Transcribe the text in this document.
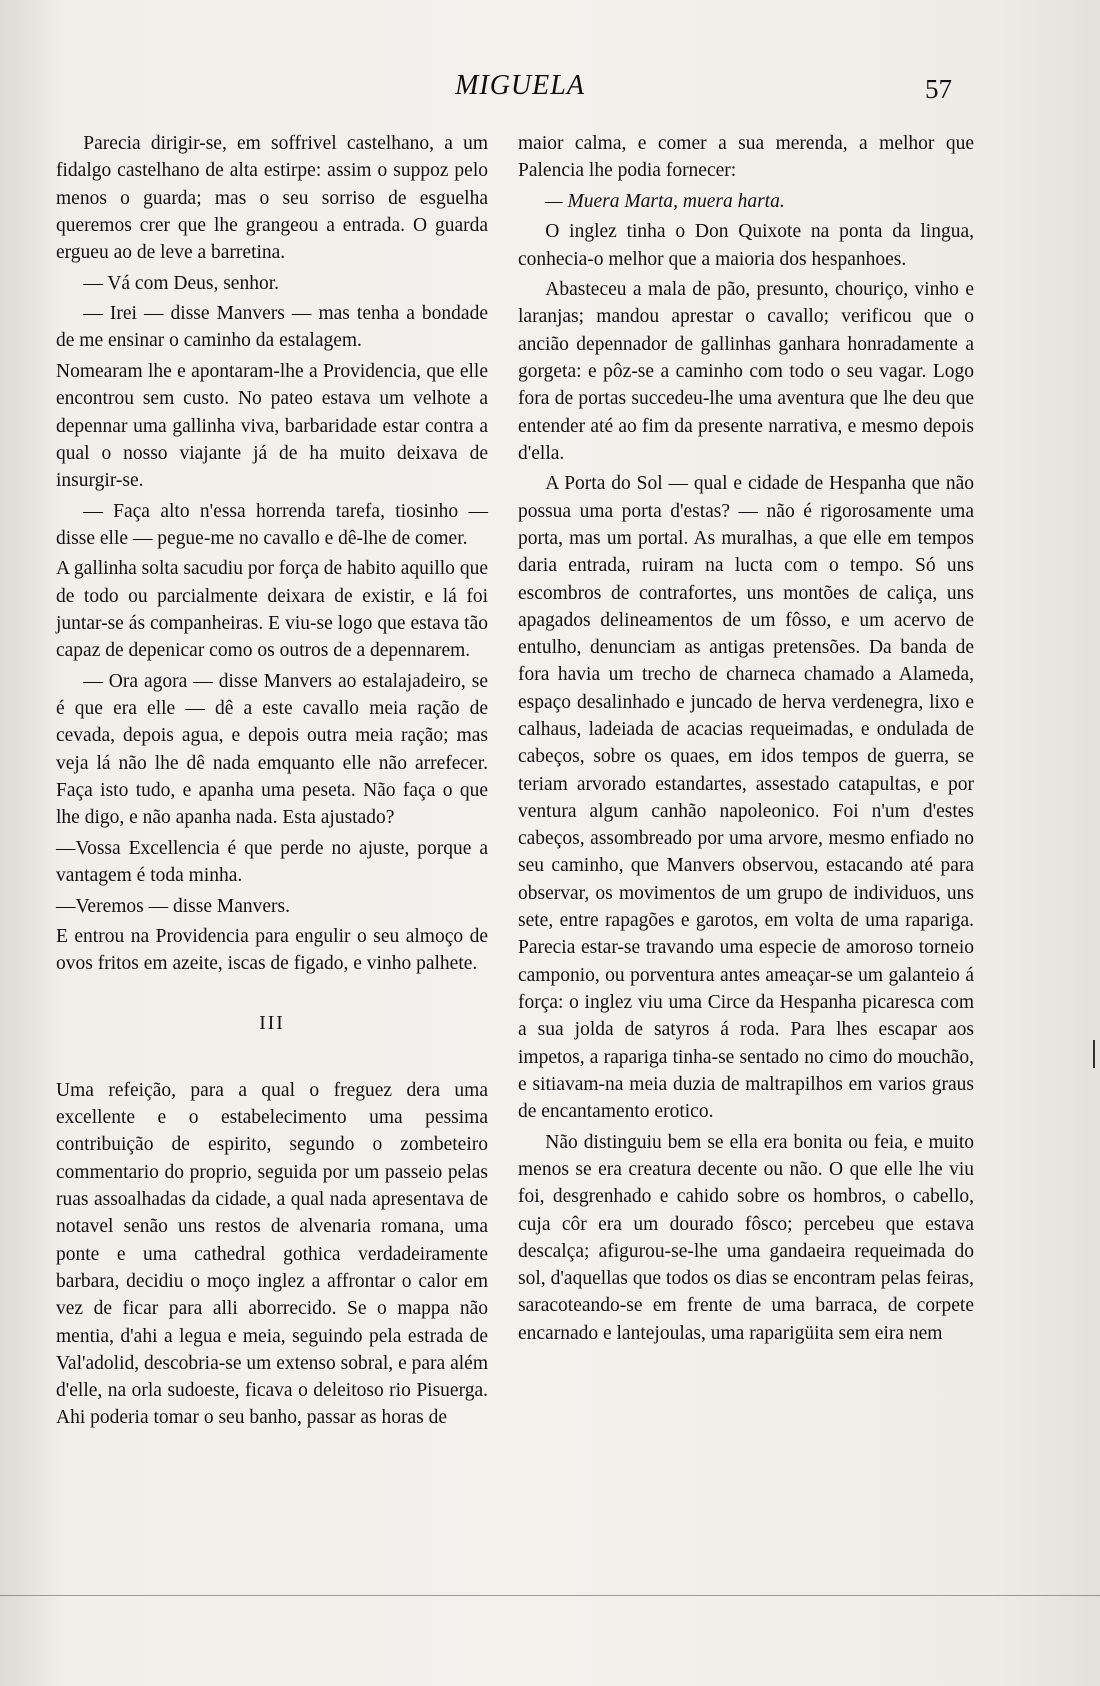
MIGUELA	57

Parecia dirigir-se, em soffrivel castelhano, a um fidalgo castelhano de alta estirpe: assim o suppoz pelo menos o guarda; mas o seu sorriso de esguelha queremos crer que lhe grangeou a entrada. O guarda ergueu ao de leve a barretina.

— Vá com Deus, senhor.

— Irei — disse Manvers — mas tenha a bondade de me ensinar o caminho da estalagem.

Nomearam lhe e apontaram-lhe a Providencia, que elle encontrou sem custo. No pateo estava um velhote a depennar uma gallinha viva, barbaridade estar contra a qual o nosso viajante já de ha muito deixava de insurgir-se.

— Faça alto n'essa horrenda tarefa, tiosinho — disse elle — pegue-me no cavallo e dê-lhe de comer.

A gallinha solta sacudiu por força de habito aquillo que de todo ou parcialmente deixara de existir, e lá foi juntar-se ás companheiras. E viu-se logo que estava tão capaz de depenicar como os outros de a depennarem.

— Ora agora — disse Manvers ao estalajadeiro, se é que era elle — dê a este cavallo meia ração de cevada, depois agua, e depois outra meia ração; mas veja lá não lhe dê nada emquanto elle não arrefecer. Faça isto tudo, e apanha uma peseta. Não faça o que lhe digo, e não apanha nada. Esta ajustado?

—Vossa Excellencia é que perde no ajuste, porque a vantagem é toda minha.

—Veremos — disse Manvers.

E entrou na Providencia para engulir o seu almoço de ovos fritos em azeite, iscas de figado, e vinho palhete.

III

Uma refeição, para a qual o freguez dera uma excellente e o estabelecimento uma pessima contribuição de espirito, segundo o zombeteiro commentario do proprio, seguida por um passeio pelas ruas assoalhadas da cidade, a qual nada apresentava de notavel senão uns restos de alvenaria romana, uma ponte e uma cathedral gothica verdadeiramente barbara, decidiu o moço inglez a affrontar o calor em vez de ficar para alli aborrecido. Se o mappa não mentia, d'ahi a legua e meia, seguindo pela estrada de Val'adolid, descobria-se um extenso sobral, e para além d'elle, na orla sudoeste, ficava o deleitoso rio Pisuerga. Ahi poderia tomar o seu banho, passar as horas de

maior calma, e comer a sua merenda, a melhor que Palencia lhe podia fornecer:

— Muera Marta, muera harta.

O inglez tinha o Don Quixote na ponta da lingua, conhecia-o melhor que a maioria dos hespanhoes.

Abasteceu a mala de pão, presunto, chouriço, vinho e laranjas; mandou aprestar o cavallo; verificou que o ancião depennador de gallinhas ganhara honradamente a gorgeta: e pôz-se a caminho com todo o seu vagar. Logo fora de portas succedeu-lhe uma aventura que lhe deu que entender até ao fim da presente narrativa, e mesmo depois d'ella.

A Porta do Sol — qual e cidade de Hespanha que não possua uma porta d'estas? — não é rigorosamente uma porta, mas um portal. As muralhas, a que elle em tempos daria entrada, ruiram na lucta com o tempo. Só uns escombros de contrafortes, uns montões de caliça, uns apagados delineamentos de um fôsso, e um acervo de entulho, denunciam as antigas pretensões. Da banda de fora havia um trecho de charneca chamado a Alameda, espaço desalinhado e juncado de herva verdenegra, lixo e calhaus, ladeiada de acacias requeimadas, e ondulada de cabeços, sobre os quaes, em idos tempos de guerra, se teriam arvorado estandartes, assestado catapultas, e por ventura algum canhão napoleonico. Foi n'um d'estes cabeços, assombreado por uma arvore, mesmo enfiado no seu caminho, que Manvers observou, estacando até para observar, os movimentos de um grupo de individuos, uns sete, entre rapagões e garotos, em volta de uma rapariga. Parecia estar-se travando uma especie de amoroso torneio camponio, ou porventura antes ameaçar-se um galanteio á força: o inglez viu uma Circe da Hespanha picaresca com a sua jolda de satyros á roda. Para lhes escapar aos impetos, a rapariga tinha-se sentado no cimo do mouchão, e sitiavam-na meia duzia de maltrapilhos em varios graus de encantamento erotico.

Não distinguiu bem se ella era bonita ou feia, e muito menos se era creatura decente ou não. O que elle lhe viu foi, desgrenhado e cahido sobre os hombros, o cabello, cuja côr era um dourado fôsco; percebeu que estava descalça; afigurou-se-lhe uma gandaeira requeimada do sol, d'aquellas que todos os dias se encontram pelas feiras, saracoteando-se em frente de uma barraca, de corpete encarnado e lantejoulas, uma raparigüita sem eira nem
